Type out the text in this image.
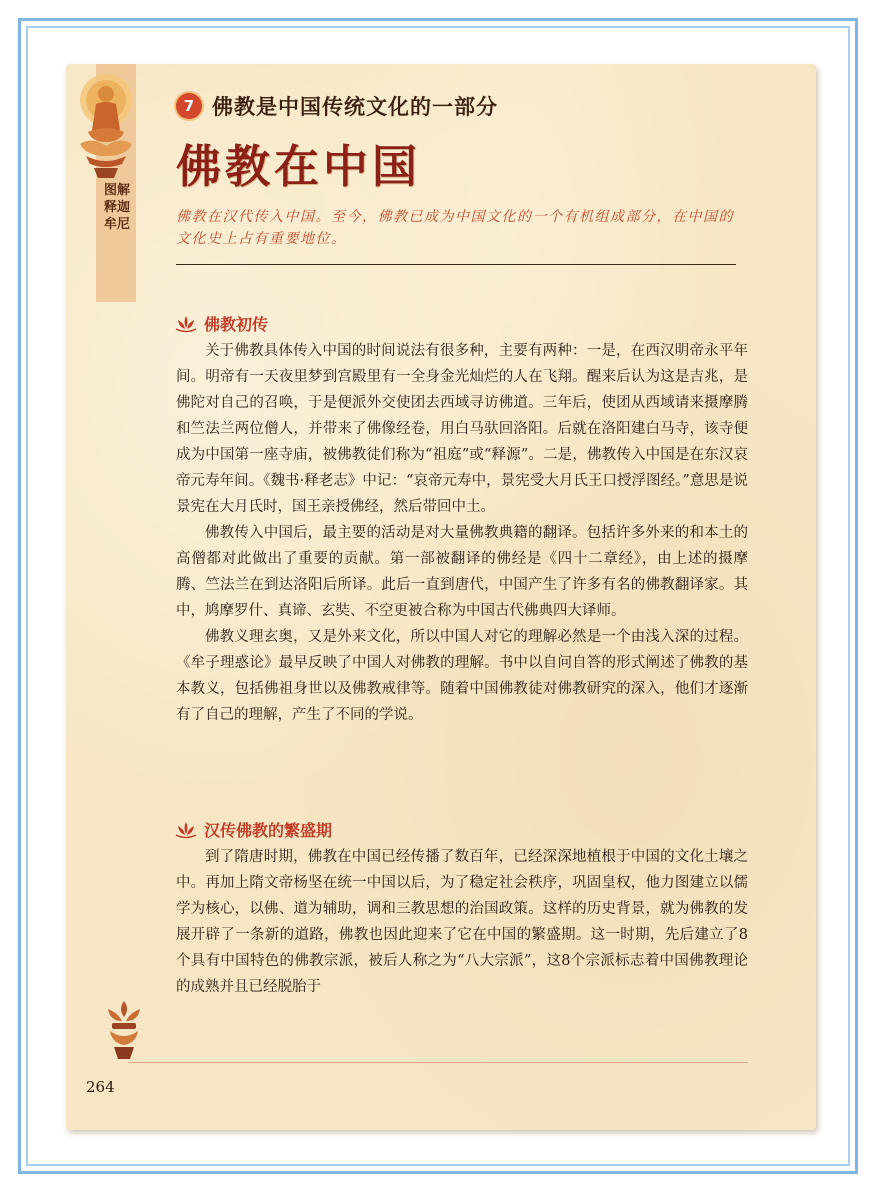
图解释迦牟尼
7 佛教是中国传统文化的一部分
佛教在中国
佛教在汉代传入中国。至今，佛教已成为中国文化的一个有机组成部分，在中国的文化史上占有重要地位。
佛教初传

关于佛教具体传入中国的时间说法有很多种，主要有两种：一是，在西汉明帝永平年间。明帝有一天夜里梦到宫殿里有一全身金光灿烂的人在飞翔。醒来后认为这是吉兆，是佛陀对自己的召唤，于是便派外交使团去西域寻访佛道。三年后，使团从西域请来摄摩腾和竺法兰两位僧人，并带来了佛像经卷，用白马驮回洛阳。后就在洛阳建白马寺，该寺便成为中国第一座寺庙，被佛教徒们称为“祖庭”或“释源”。二是，佛教传入中国是在东汉哀帝元寿年间。《魏书·释老志》中记：“哀帝元寿中，景宪受大月氏王口授浮图经。”意思是说景宪在大月氏时，国王亲授佛经，然后带回中土。

佛教传入中国后，最主要的活动是对大量佛教典籍的翻译。包括许多外来的和本土的高僧都对此做出了重要的贡献。第一部被翻译的佛经是《四十二章经》，由上述的摄摩腾、竺法兰在到达洛阳后所译。此后一直到唐代，中国产生了许多有名的佛教翻译家。其中，鸠摩罗什、真谛、玄奘、不空更被合称为中国古代佛典四大译师。

佛教义理玄奥，又是外来文化，所以中国人对它的理解必然是一个由浅入深的过程。《牟子理惑论》最早反映了中国人对佛教的理解。书中以自问自答的形式阐述了佛教的基本教义，包括佛祖身世以及佛教戒律等。随着中国佛教徒对佛教研究的深入，他们才逐渐有了自己的理解，产生了不同的学说。

汉传佛教的繁盛期

到了隋唐时期，佛教在中国已经传播了数百年，已经深深地植根于中国的文化土壤之中。再加上隋文帝杨坚在统一中国以后，为了稳定社会秩序，巩固皇权，他力图建立以儒学为核心，以佛、道为辅助，调和三教思想的治国政策。这样的历史背景，就为佛教的发展开辟了一条新的道路，佛教也因此迎来了它在中国的繁盛期。这一时期，先后建立了8个具有中国特色的佛教宗派，被后人称之为“八大宗派”，这8个宗派标志着中国佛教理论的成熟并且已经脱胎于

264
